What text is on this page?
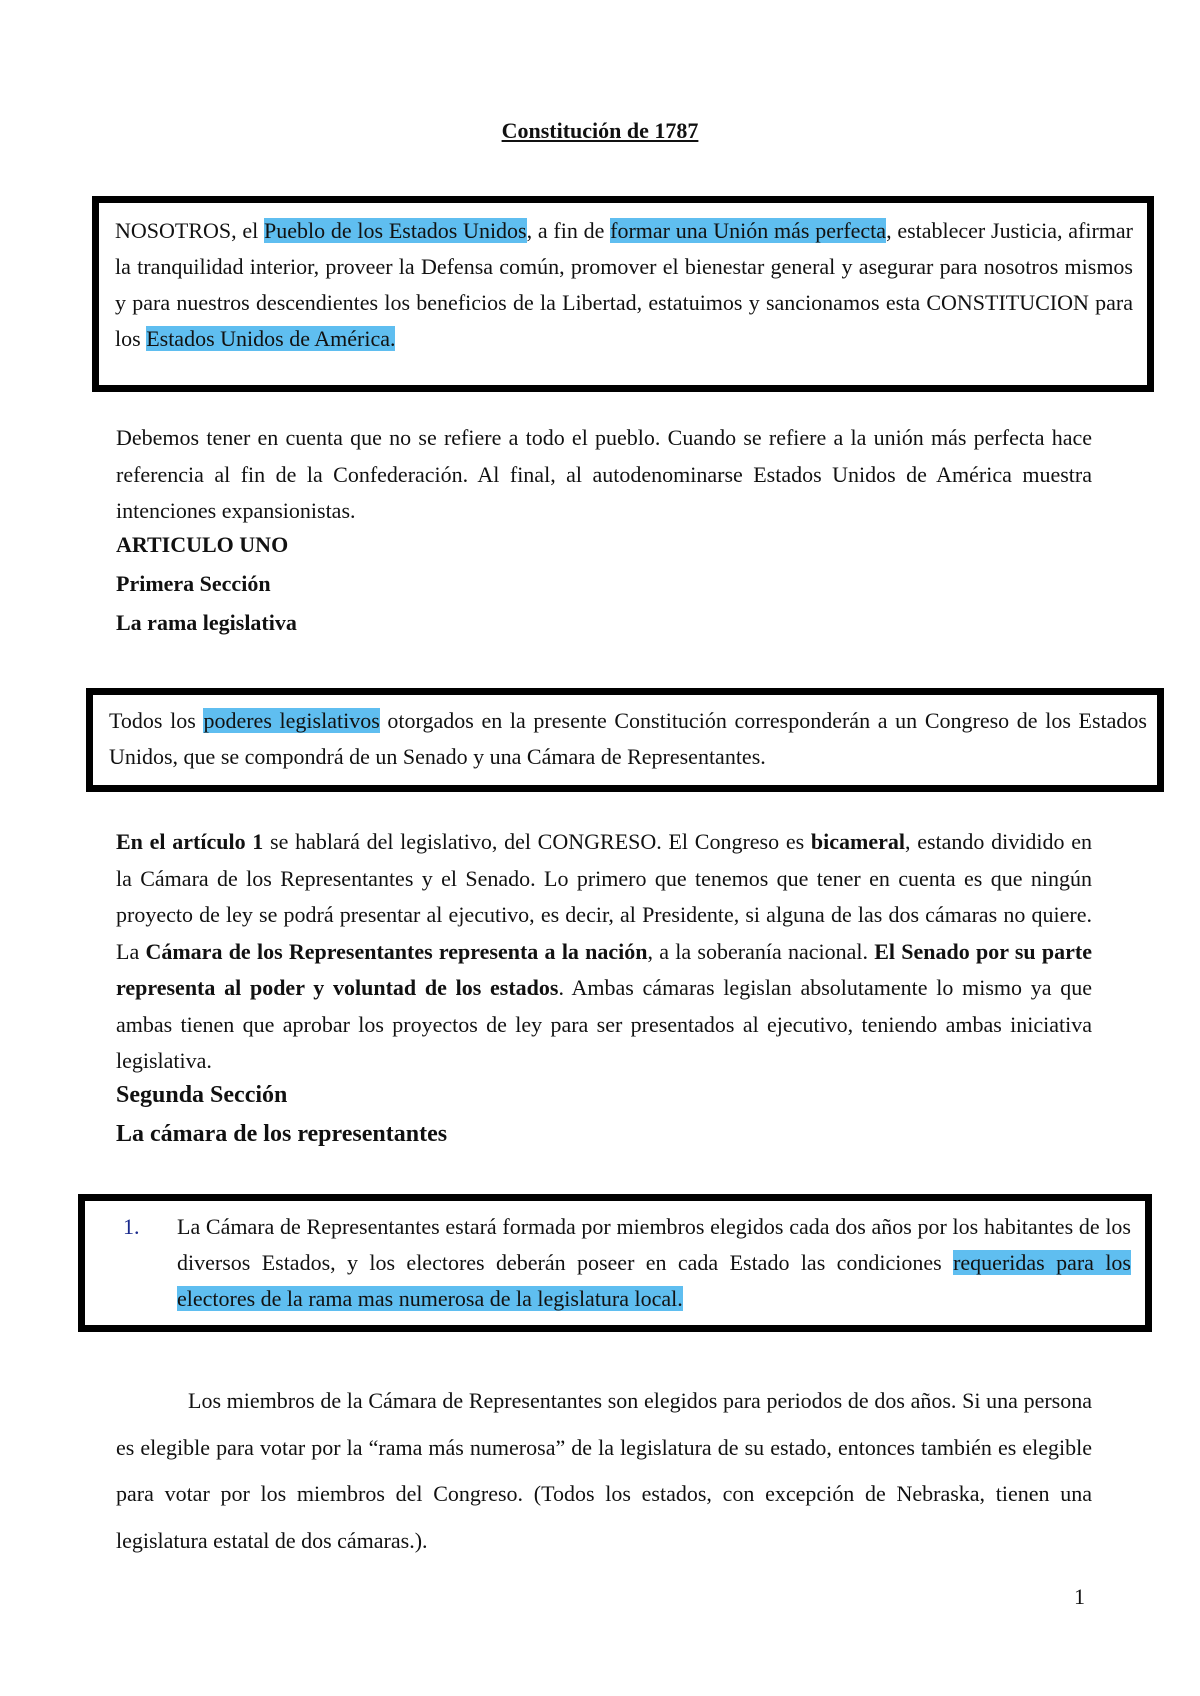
Constitución de 1787
NOSOTROS, el Pueblo de los Estados Unidos, a fin de formar una Unión más perfecta, establecer Justicia, afirmar la tranquilidad interior, proveer la Defensa común, promover el bienestar general y asegurar para nosotros mismos y para nuestros descendientes los beneficios de la Libertad, estatuimos y sancionamos esta CONSTITUCION para los Estados Unidos de América.
Debemos tener en cuenta que no se refiere a todo el pueblo. Cuando se refiere a la unión más perfecta hace referencia al fin de la Confederación. Al final, al autodenominarse Estados Unidos de América muestra intenciones expansionistas.
ARTICULO UNO
Primera Sección
La rama legislativa
Todos los poderes legislativos otorgados en la presente Constitución corresponderán a un Congreso de los Estados Unidos, que se compondrá de un Senado y una Cámara de Representantes.
En el artículo 1 se hablará del legislativo, del CONGRESO. El Congreso es bicameral, estando dividido en la Cámara de los Representantes y el Senado. Lo primero que tenemos que tener en cuenta es que ningún proyecto de ley se podrá presentar al ejecutivo, es decir, al Presidente, si alguna de las dos cámaras no quiere. La Cámara de los Representantes representa a la nación, a la soberanía nacional. El Senado por su parte representa al poder y voluntad de los estados. Ambas cámaras legislan absolutamente lo mismo ya que ambas tienen que aprobar los proyectos de ley para ser presentados al ejecutivo, teniendo ambas iniciativa legislativa.
Segunda Sección
La cámara de los representantes
1.	La Cámara de Representantes estará formada por miembros elegidos cada dos años por los habitantes de los diversos Estados, y los electores deberán poseer en cada Estado las condiciones requeridas para los electores de la rama mas numerosa de la legislatura local.
Los miembros de la Cámara de Representantes son elegidos para periodos de dos años. Si una persona es elegible para votar por la “rama más numerosa” de la legislatura de su estado, entonces también es elegible para votar por los miembros del Congreso. (Todos los estados, con excepción de Nebraska, tienen una legislatura estatal de dos cámaras.).
1
